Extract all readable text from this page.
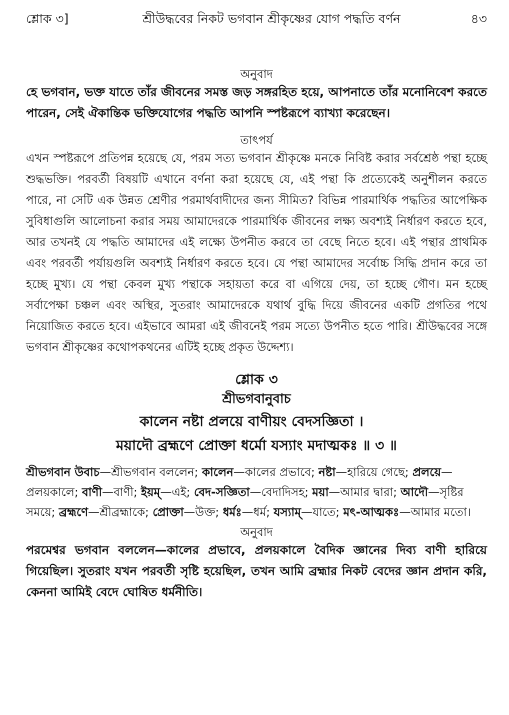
শ্লোক ৩]	শ্রীউদ্ধবের নিকট ভগবান শ্রীকৃষ্ণের যোগ পদ্ধতি বর্ণন	৪৩
অনুবাদ

হে ভগবান, ভক্ত যাতে তাঁর জীবনের সমস্ত জড় সঙ্গরহিত হয়ে, আপনাতে তাঁর মনোনিবেশ করতে পারেন, সেই ঐকান্তিক ভক্তিযোগের পদ্ধতি আপনি স্পষ্টরূপে ব্যাখ্যা করেছেন।

তাৎপর্য

এখন স্পষ্টরূপে প্রতিপন্ন হয়েছে যে, পরম সত্য ভগবান শ্রীকৃষ্ণে মনকে নিবিষ্ট করার সর্বশ্রেষ্ঠ পন্থা হচ্ছে শুদ্ধভক্তি। পরবর্তী বিষয়টি এখানে বর্ণনা করা হয়েছে যে, এই পন্থা কি প্রত্যেকেই অনুশীলন করতে পারে, না সেটি এক উন্নত শ্রেণীর পরমার্থবাদীদের জন্য সীমিত? বিভিন্ন পারমার্থিক পদ্ধতির আপেক্ষিক সুবিধাগুলি আলোচনা করার সময় আমাদেরকে পারমার্থিক জীবনের লক্ষ্য অবশ্যই নির্ধারণ করতে হবে, আর তখনই যে পদ্ধতি আমাদের এই লক্ষ্যে উপনীত করবে তা বেছে নিতে হবে। এই পন্থার প্রাথমিক এবং পরবর্তী পর্যায়গুলি অবশ্যই নির্ধারণ করতে হবে। যে পন্থা আমাদের সর্বোচ্চ সিদ্ধি প্রদান করে তা হচ্ছে মুখ্য। যে পন্থা কেবল মুখ্য পন্থাকে সহায়তা করে বা এগিয়ে দেয়, তা হচ্ছে গৌণ। মন হচ্ছে সর্বাপেক্ষা চঞ্চল এবং অস্থির, সুতরাং আমাদেরকে যথার্থ বুদ্ধি দিয়ে জীবনের একটি প্রগতির পথে নিয়োজিত করতে হবে। এইভাবে আমরা এই জীবনেই পরম সত্যে উপনীত হতে পারি। শ্রীউদ্ধবের সঙ্গে ভগবান শ্রীকৃষ্ণের কথোপকথনের এটিই হচ্ছে প্রকৃত উদ্দেশ্য।

শ্লোক ৩
শ্রীভগবানুবাচ

কালেন নষ্টা প্রলয়ে বাণীয়ং বেদসজ্ঞিতা ।

ময়াদৌ ব্রহ্মণে প্রোক্তা ধর্মো যস্যাং মদাত্মকঃ ॥ ৩ ॥

শ্রীভগবান উবাচ—শ্রীভগবান বললেন; কালেন—কালের প্রভাবে; নষ্টা—হারিয়ে গেছে; প্রলয়ে—প্রলয়কালে; বাণী—বাণী; ইয়ম্—এই; বেদ-সজ্ঞিতা—বেদাদিসহ; ময়া—আমার দ্বারা; আদৌ—সৃষ্টির সময়ে; ব্রহ্মণে—শ্রীব্রহ্মাকে; প্রোক্তা—উক্ত; ধর্মঃ—ধর্ম; যস্যাম্—যাতে; মৎ-আত্মকঃ—আমার মতো।

অনুবাদ

পরমেশ্বর ভগবান বললেন—কালের প্রভাবে, প্রলয়কালে বৈদিক জ্ঞানের দিব্য বাণী হারিয়ে গিয়েছিল। সুতরাং যখন পরবর্তী সৃষ্টি হয়েছিল, তখন আমি ব্রহ্মার নিকট বেদের জ্ঞান প্রদান করি, কেননা আমিই বেদে ঘোষিত ধর্মনীতি।
